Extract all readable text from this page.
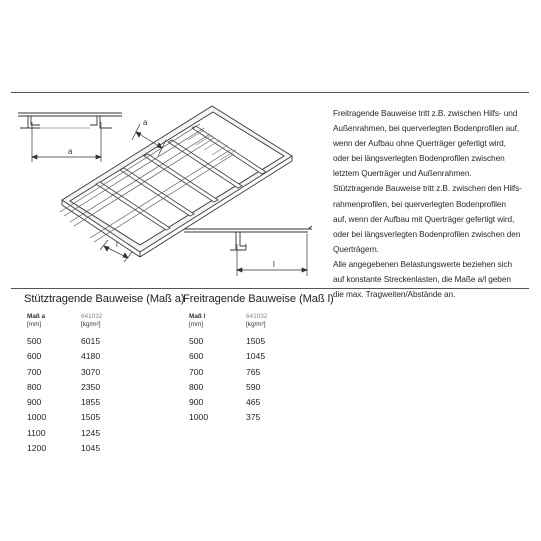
a
a
l
l
Freitragende Bauweise tritt z.B. zwischen Hilfs- und
Außenrahmen, bei querverlegten Bodenprofilen auf,
wenn der Aufbau ohne Querträger gefertigt wird,
oder bei längsverlegten Bodenprofilen zwischen
letztem Querträger und Außenrahmen.
Stütztragende Bauweise tritt z.B. zwischen den Hilfs-
rahmenprofilen, bei querverlegten Bodenprofilen
auf, wenn der Aufbau mit Querträger gefertigt wird,
oder bei längsverlegten Bodenprofilen zwischen den
Querträgern.
Alle angegebenen Belastungswerte beziehen sich
auf konstante Streckenlasten, die Maße a/l geben
die max. Tragweiten/Abstände an.
Stütztragende Bauweise (Maß a)
Maß a
[mm]
641032
[kg/m²]
500
600
700
800
900
1000
1100
1200
6015
4180
3070
2350
1855
1505
1245
1045
Freitragende Bauweise (Maß l)
Maß l
[mm]
641032
[kg/m²]
500
600
700
800
900
1000
1505
1045
765
590
465
375
